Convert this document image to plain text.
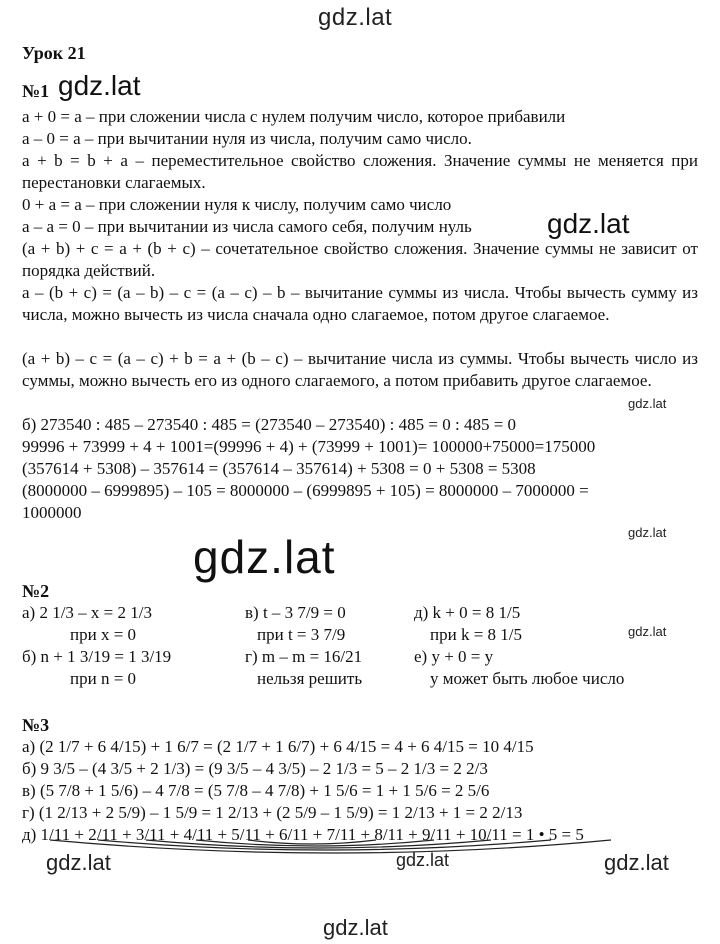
gdz.lat
gdz.lat
gdz.lat
gdz.lat
gdz.lat
gdz.lat
gdz.lat
gdz.lat	gdz.lat	gdz.lat
gdz.lat
Урок 21
№1
a + 0 = a – при сложении числа с нулем получим число, которое прибавили
a – 0 = a – при вычитании нуля из числа, получим само число.
a + b = b + a – переместительное свойство сложения. Значение суммы не меняется при перестановки слагаемых.
0 + a = a – при сложении нуля к числу, получим само число
a – a = 0 – при вычитании из числа самого себя, получим нуль
(a + b) + c = a + (b + c) – сочетательное свойство сложения. Значение суммы не зависит от порядка действий.
a – (b + c) = (a – b) – c = (a – c) – b – вычитание суммы из числа. Чтобы вычесть сумму из числа, можно вычесть из числа сначала одно слагаемое, потом другое слагаемое.
(a + b) – c = (a – c) + b = a + (b – c) – вычитание числа из суммы. Чтобы вычесть число из суммы, можно вычесть его из одного слагаемого, а потом прибавить другое слагаемое.
б) 273540 : 485 – 273540 : 485 = (273540 – 273540) : 485 = 0 : 485 = 0
99996 + 73999 + 4 + 1001=(99996 + 4) + (73999 + 1001)= 100000+75000=175000
(357614 + 5308) – 357614 = (357614 – 357614) + 5308 = 0 + 5308 = 5308
(8000000 – 6999895) – 105 = 8000000 – (6999895 + 105) = 8000000 – 7000000 =
1000000
№2
а) 2 1/3 – x = 2 1/3
при x = 0
в) t – 3 7/9 = 0
при t = 3 7/9
д) k + 0 = 8 1/5
при k = 8 1/5
б) n + 1 3/19 = 1 3/19
при n = 0
г) m – m = 16/21
нельзя решить
е) y + 0 = y
y может быть любое число
№3
а) (2 1/7 + 6 4/15) + 1 6/7 = (2 1/7 + 1 6/7) + 6 4/15 = 4 + 6 4/15 = 10 4/15
б) 9 3/5 – (4 3/5 + 2 1/3) = (9 3/5 – 4 3/5) – 2 1/3 = 5 – 2 1/3 = 2 2/3
в) (5 7/8 + 1 5/6) – 4 7/8 = (5 7/8 – 4 7/8) + 1 5/6 = 1 + 1 5/6 = 2 5/6
г) (1 2/13 + 2 5/9) – 1 5/9 = 1 2/13 + (2 5/9 – 1 5/9) = 1 2/13 + 1 = 2 2/13
д) 1/11 + 2/11 + 3/11 + 4/11 + 5/11 + 6/11 + 7/11 + 8/11 + 9/11 + 10/11 = 1 • 5 = 5
